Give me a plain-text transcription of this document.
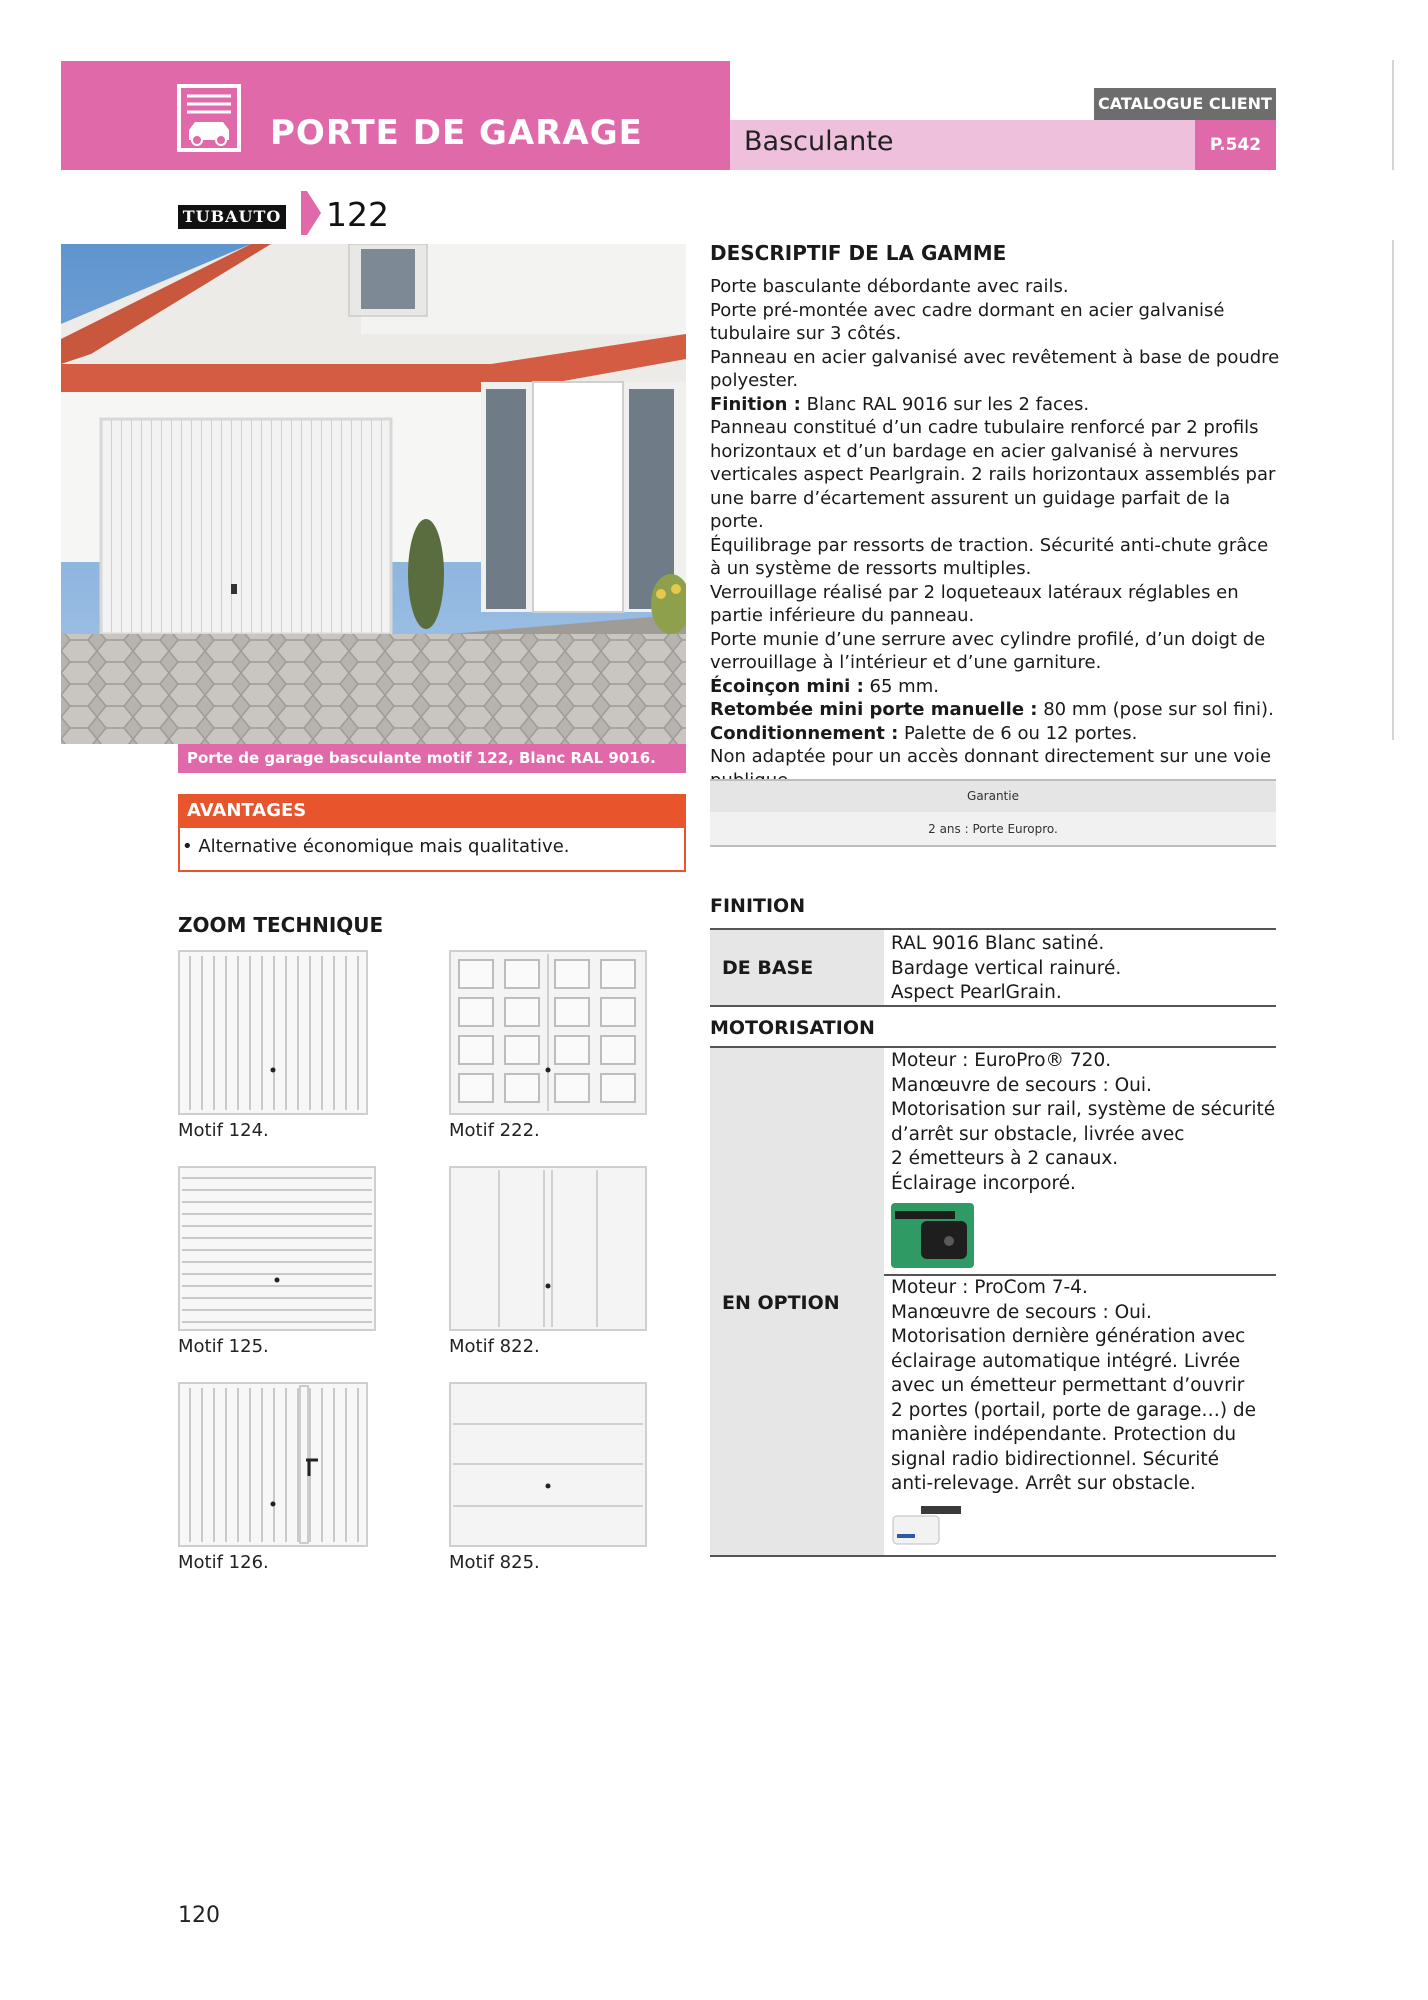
PORTE DE GARAGE	Basculante
CATALOGUE CLIENT
P.542
TUBAUTO 122
Porte de garage basculante motif 122, Blanc RAL 9016.
AVANTAGES
• Alternative économique mais qualitative.
ZOOM TECHNIQUE
Motif 124.	Motif 222.
Motif 125.	Motif 822.
Motif 126.	Motif 825.
DESCRIPTIF DE LA GAMME

Porte basculante débordante avec rails.

Porte pré-montée avec cadre dormant en acier galvanisé tubulaire sur 3 côtés.

Panneau en acier galvanisé avec revêtement à base de poudre polyester.

Finition : Blanc RAL 9016 sur les 2 faces.

Panneau constitué d’un cadre tubulaire renforcé par 2 profils horizontaux et d’un bardage en acier galvanisé à nervures verticales aspect Pearlgrain. 2 rails horizontaux assemblés par une barre d’écartement assurent un guidage parfait de la porte.

Équilibrage par ressorts de traction. Sécurité anti-chute grâce à un système de ressorts multiples.

Verrouillage réalisé par 2 loqueteaux latéraux réglables en partie inférieure du panneau.

Porte munie d’une serrure avec cylindre profilé, d’un doigt de verrouillage à l’intérieur et d’une garniture.

Écoinçon mini : 65 mm.

Retombée mini porte manuelle : 80 mm (pose sur sol fini).

Conditionnement : Palette de 6 ou 12 portes.

Non adaptée pour un accès donnant directement sur une voie

Garantie
2 ans : Porte Europro.
FINITION
DE BASE
RAL 9016 Blanc satiné.
Bardage vertical rainuré.
Aspect PearlGrain.
MOTORISATION
EN OPTION
Moteur : EuroPro® 720.
Manœuvre de secours : Oui.
Motorisation sur rail, système de sécurité
d’arrêt sur obstacle, livrée avec
2 émetteurs à 2 canaux.
Éclairage incorporé.
Moteur : ProCom 7-4.
Manœuvre de secours : Oui.
Motorisation dernière génération avec
éclairage automatique intégré. Livrée
avec un émetteur permettant d’ouvrir
2 portes (portail, porte de garage…) de
manière indépendante. Protection du
signal radio bidirectionnel. Sécurité
anti-relevage. Arrêt sur obstacle.
120
